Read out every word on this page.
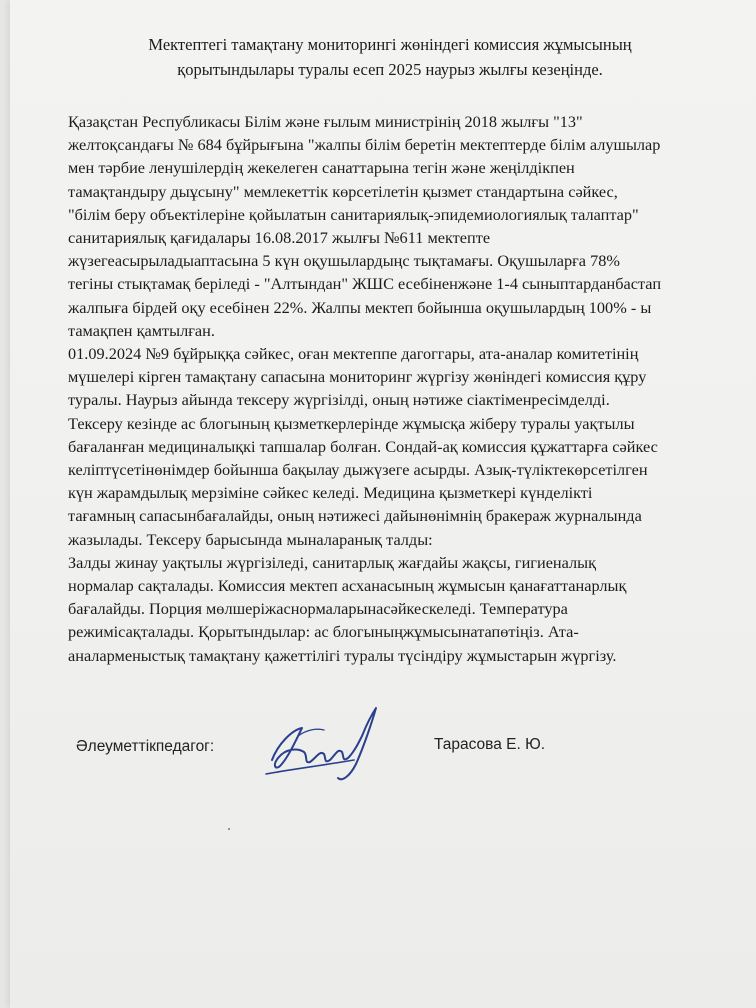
Мектептегі тамақтану мониторингі жөніндегі комиссия жұмысының
қорытындылары туралы есеп 2025 наурыз жылғы кезеңінде.
Қазақстан Республикасы Білім және ғылым министрінің 2018 жылғы "13"
желтоқсандағы № 684 бұйрығына "жалпы білім беретін мектептерде білім алушылар
мен тәрбие ленушілердің жекелеген санаттарына тегін және жеңілдікпен
тамақтандыру дыұсыну" мемлекеттік көрсетілетін қызмет стандартына сәйкес,
"білім беру объектілеріне қойылатын санитариялық-эпидемиологиялық талаптар"
санитариялық қағидалары 16.08.2017 жылғы №611 мектепте
жүзегеасырыладыаптасына 5 күн оқушылардыңс тықтамағы. Оқушыларға 78%
тегіны стықтамақ беріледі - "Алтындан" ЖШС есебіненжәне 1-4 сыныптарданбастап
жалпыға бірдей оқу есебінен 22%. Жалпы мектеп бойынша оқушылардың 100% - ы
тамақпен қамтылған.
01.09.2024 №9 бұйрыққа сәйкес, оған мектеппе дагоггары, ата-аналар комитетінің
мүшелері кірген тамақтану сапасына мониторинг жүргізу жөніндегі комиссия құру
туралы. Наурыз айында тексеру жүргізілді, оның нәтиже сіактіменресімделді.
Тексеру кезінде ас блогының қызметкерлерінде жұмысқа жіберу туралы уақтылы
бағаланған медициналықкі тапшалар болған. Сондай-ақ комиссия құжаттарға сәйкес
келіптүсетінөнімдер бойынша бақылау дыжүзеге асырды. Азық-түліктекөрсетілген
күн жарамдылық мерзіміне сәйкес келеді. Медицина қызметкері күнделікті
тағамның сапасынбағалайды, оның нәтижесі дайынөнімнің бракераж журналында
жазылады. Тексеру барысында мыналаранық талды:
Залды жинау уақтылы жүргізіледі, санитарлық жағдайы жақсы, гигиеналық
нормалар сақталады. Комиссия мектеп асханасының жұмысын қанағаттанарлық
бағалайды. Порция мөлшеріжаснормаларынасәйкескеледі. Температура
режимісақталады. Қорытындылар: ас блогыныңжұмысынатапөтіңіз. Ата-
аналарменыстық тамақтану қажеттілігі туралы түсіндіру жұмыстарын жүргізу.
Әлеуметтікпедагог:	Тарасова Е. Ю.
